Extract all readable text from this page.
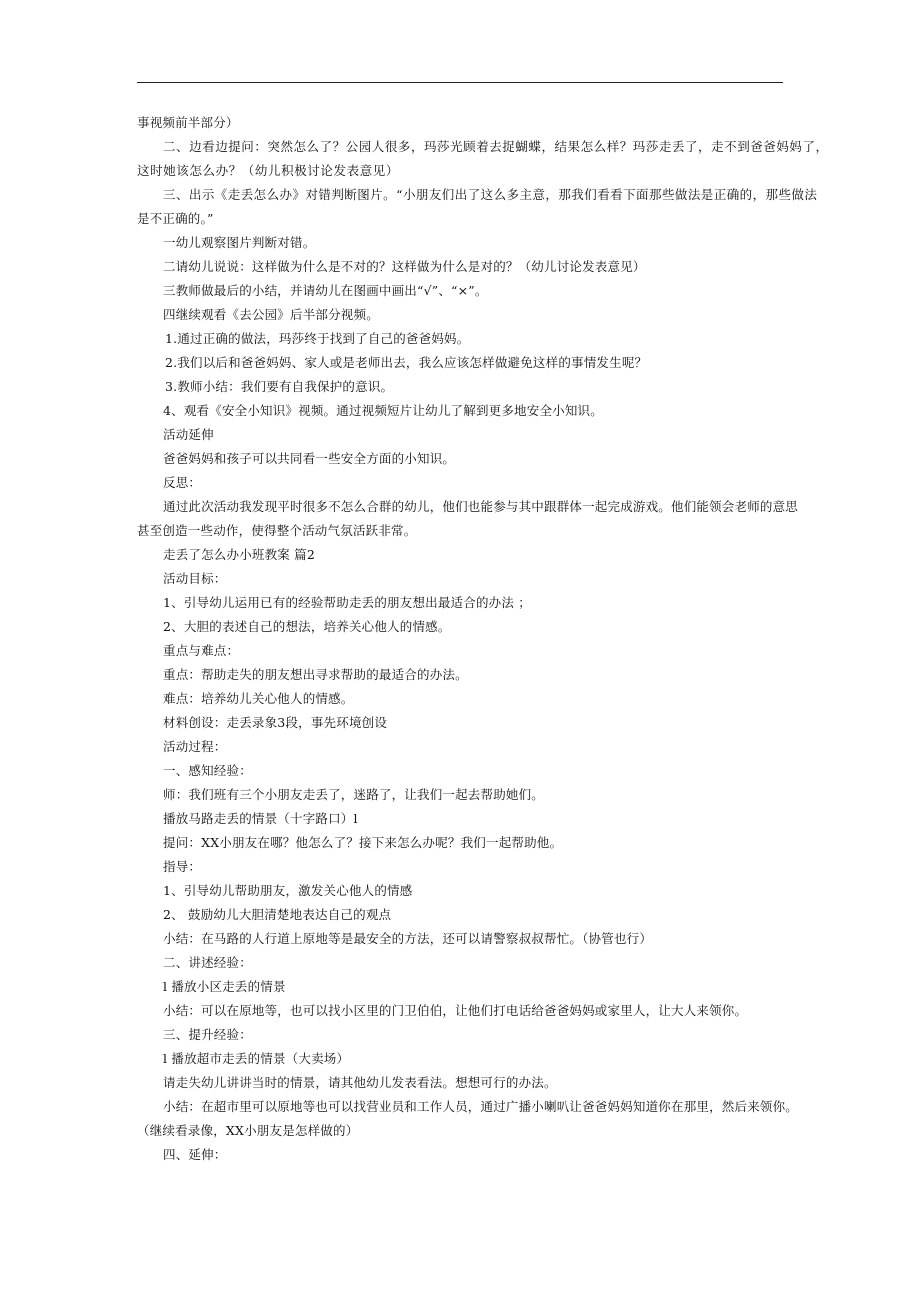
事视频前半部分）
二、边看边提问：突然怎么了？公园人很多，玛莎光顾着去捉蝴蝶，结果怎么样？玛莎走丢了，走不到爸爸妈妈了，
这时她该怎么办？（幼儿积极讨论发表意见）
三、出示《走丢怎么办》对错判断图片。“小朋友们出了这么多主意，那我们看看下面那些做法是正确的，那些做法
是不正确的。”
一幼儿观察图片判断对错。
二请幼儿说说：这样做为什么是不对的？这样做为什么是对的？（幼儿讨论发表意见）
三教师做最后的小结，并请幼儿在图画中画出“√”、“×”。
四继续观看《去公园》后半部分视频。
1.通过正确的做法，玛莎终于找到了自己的爸爸妈妈。
2.我们以后和爸爸妈妈、家人或是老师出去，我么应该怎样做避免这样的事情发生呢？
3.教师小结：我们要有自我保护的意识。
4、观看《安全小知识》视频。通过视频短片让幼儿了解到更多地安全小知识。
活动延伸
爸爸妈妈和孩子可以共同看一些安全方面的小知识。
反思：
通过此次活动我发现平时很多不怎么合群的幼儿，他们也能参与其中跟群体一起完成游戏。他们能领会老师的意思
甚至创造一些动作，使得整个活动气氛活跃非常。
走丢了怎么办小班教案 篇2
活动目标：
1、引导幼儿运用已有的经验帮助走丢的朋友想出最适合的办法 ；
2、大胆的表述自己的想法，培养关心他人的情感。
重点与难点：
重点：帮助走失的朋友想出寻求帮助的最适合的办法。
难点：培养幼儿关心他人的情感。
材料创设：走丢录象3段，事先环境创设
活动过程：
一、感知经验：
师：我们班有三个小朋友走丢了，迷路了，让我们一起去帮助她们。
播放马路走丢的情景（十字路口）l
提问：XX小朋友在哪？他怎么了？接下来怎么办呢？我们一起帮助他。
指导：
1、引导幼儿帮助朋友，激发关心他人的情感
2、 鼓励幼儿大胆清楚地表达自己的观点
小结：在马路的人行道上原地等是最安全的方法，还可以请警察叔叔帮忙。（协管也行）
二、讲述经验：
l 播放小区走丢的情景
小结：可以在原地等，也可以找小区里的门卫伯伯，让他们打电话给爸爸妈妈或家里人，让大人来领你。
三、提升经验：
l 播放超市走丢的情景（大卖场）
请走失幼儿讲讲当时的情景，请其他幼儿发表看法。想想可行的办法。
小结：在超市里可以原地等也可以找营业员和工作人员，通过广播小喇叭让爸爸妈妈知道你在那里，然后来领你。
（继续看录像，XX小朋友是怎样做的）
四、延伸：
